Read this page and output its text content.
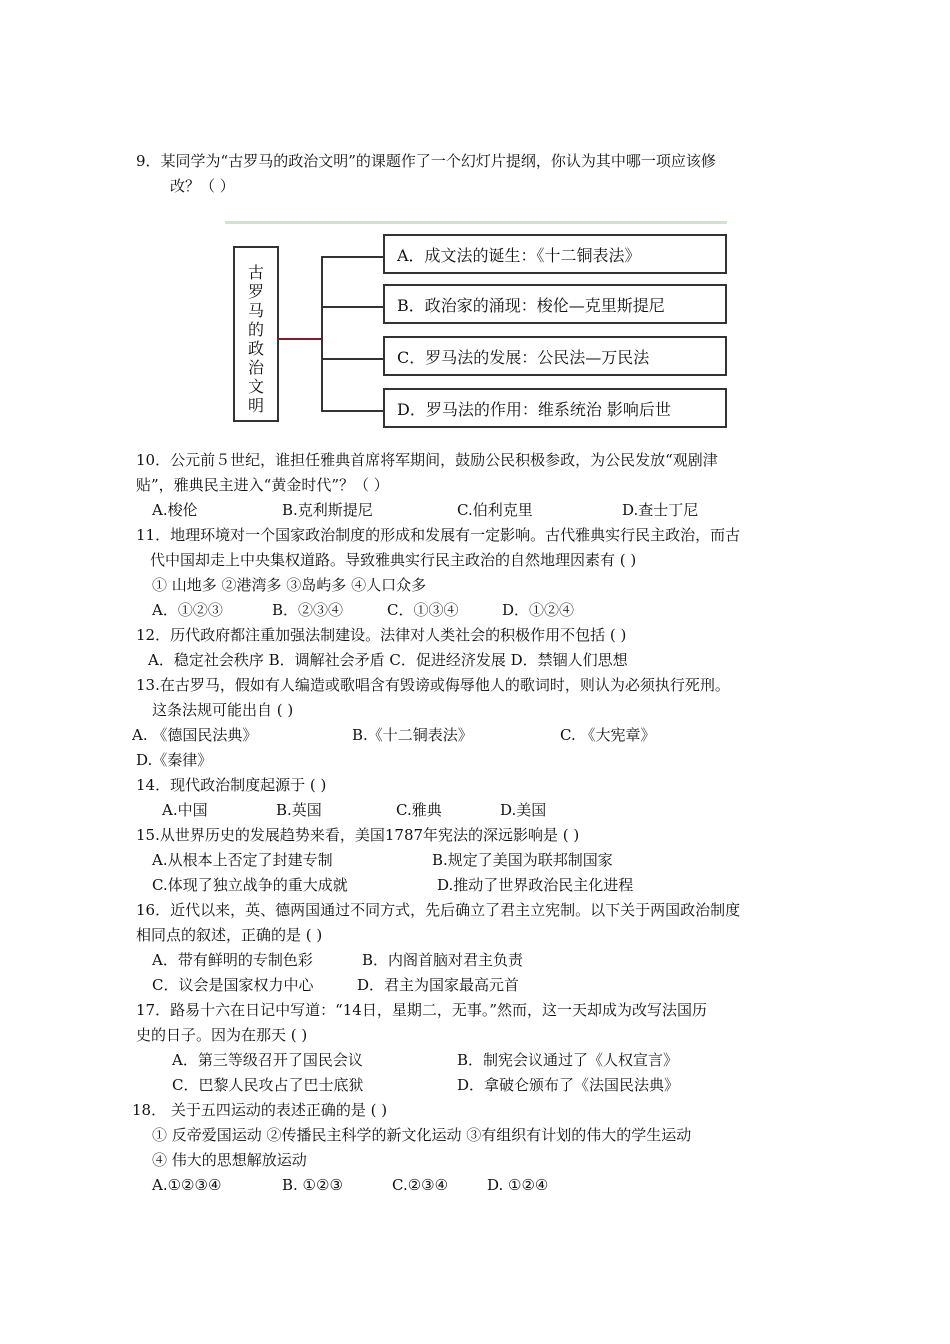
9．某同学为“古罗马的政治文明”的课题作了一个幻灯片提纲，你认为其中哪一项应该修
改？（ ）
古
罗
马
的
政
治
文
明
A．成文法的诞生：《十二铜表法》
B．政治家的涌现：梭伦—克里斯提尼
C．罗马法的发展：公民法—万民法
D．罗马法的作用：维系统治 影响后世
10．公元前５世纪，谁担任雅典首席将军期间，鼓励公民积极参政，为公民发放“观剧津
贴”，雅典民主进入“黄金时代”？（ ）
A.梭伦	B.克利斯提尼	C.伯利克里	D.查士丁尼
11．地理环境对一个国家政治制度的形成和发展有一定影响。古代雅典实行民主政治，而古
代中国却走上中央集权道路。导致雅典实行民主政治的自然地理因素有 ( )
① 山地多 ②港湾多 ③岛屿多 ④人口众多
A．①②③	B．②③④	C．①③④	D．①②④
12．历代政府都注重加强法制建设。法律对人类社会的积极作用不包括 ( )
A．稳定社会秩序 B．调解社会矛盾 C．促进经济发展 D．禁锢人们思想
13.在古罗马，假如有人编造或歌唱含有毁谤或侮辱他人的歌词时，则认为必须执行死刑。
这条法规可能出自 ( )
A. 《德国民法典》	B.《十二铜表法》	C. 《大宪章》
D.《秦律》
14．现代政治制度起源于 ( )
A.中国	B.英国	C.雅典	D.美国
15.从世界历史的发展趋势来看，美国1787年宪法的深远影响是 ( )
A.从根本上否定了封建专制	B.规定了美国为联邦制国家
C.体现了独立战争的重大成就	D.推动了世界政治民主化进程
16．近代以来，英、德两国通过不同方式，先后确立了君主立宪制。以下关于两国政治制度
相同点的叙述，正确的是 ( )
A．带有鲜明的专制色彩	B．内阁首脑对君主负责
C．议会是国家权力中心	D．君主为国家最高元首
17．路易十六在日记中写道：“14日，星期二，无事。”然而，这一天却成为改写法国历
史的日子。因为在那天 ( )
A．第三等级召开了国民会议	B．制宪会议通过了《人权宣言》
C．巴黎人民攻占了巴士底狱	D．拿破仑颁布了《法国民法典》
18． 关于五四运动的表述正确的是 ( )
① 反帝爱国运动 ②传播民主科学的新文化运动 ③有组织有计划的伟大的学生运动
④ 伟大的思想解放运动
A.①②③④	B. ①②③	C.②③④	D. ①②④
